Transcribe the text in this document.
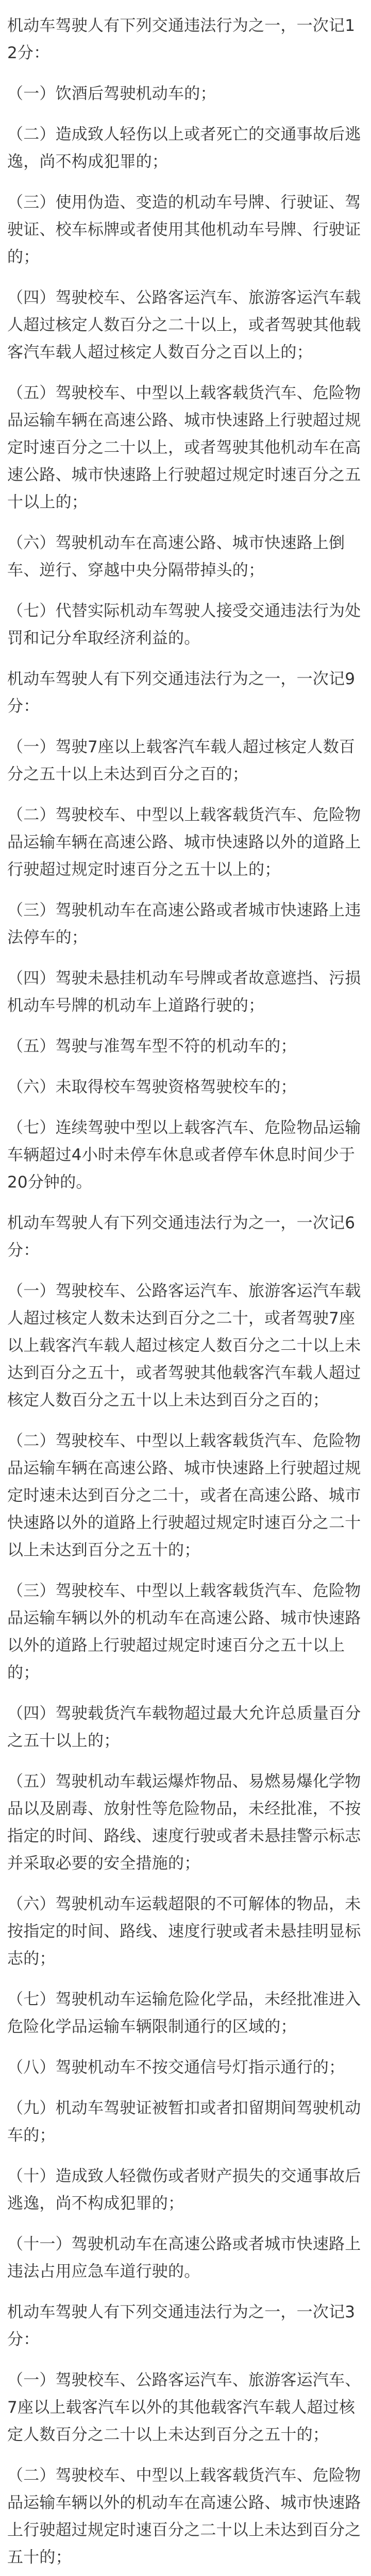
机动车驾驶人有下列交通违法行为之一，一次记12分：

（一）饮酒后驾驶机动车的；

（二）造成致人轻伤以上或者死亡的交通事故后逃逸，尚不构成犯罪的；

（三）使用伪造、变造的机动车号牌、行驶证、驾驶证、校车标牌或者使用其他机动车号牌、行驶证的；

（四）驾驶校车、公路客运汽车、旅游客运汽车载人超过核定人数百分之二十以上，或者驾驶其他载客汽车载人超过核定人数百分之百以上的；

（五）驾驶校车、中型以上载客载货汽车、危险物品运输车辆在高速公路、城市快速路上行驶超过规定时速百分之二十以上，或者驾驶其他机动车在高速公路、城市快速路上行驶超过规定时速百分之五十以上的；

（六）驾驶机动车在高速公路、城市快速路上倒车、逆行、穿越中央分隔带掉头的；

（七）代替实际机动车驾驶人接受交通违法行为处罚和记分牟取经济利益的。

机动车驾驶人有下列交通违法行为之一，一次记9分：

（一）驾驶7座以上载客汽车载人超过核定人数百分之五十以上未达到百分之百的；

（二）驾驶校车、中型以上载客载货汽车、危险物品运输车辆在高速公路、城市快速路以外的道路上行驶超过规定时速百分之五十以上的；

（三）驾驶机动车在高速公路或者城市快速路上违法停车的；

（四）驾驶未悬挂机动车号牌或者故意遮挡、污损机动车号牌的机动车上道路行驶的；

（五）驾驶与准驾车型不符的机动车的；

（六）未取得校车驾驶资格驾驶校车的；

（七）连续驾驶中型以上载客汽车、危险物品运输车辆超过4小时未停车休息或者停车休息时间少于20分钟的。

机动车驾驶人有下列交通违法行为之一，一次记6分：

（一）驾驶校车、公路客运汽车、旅游客运汽车载人超过核定人数未达到百分之二十，或者驾驶7座以上载客汽车载人超过核定人数百分之二十以上未达到百分之五十，或者驾驶其他载客汽车载人超过核定人数百分之五十以上未达到百分之百的；

（二）驾驶校车、中型以上载客载货汽车、危险物品运输车辆在高速公路、城市快速路上行驶超过规定时速未达到百分之二十，或者在高速公路、城市快速路以外的道路上行驶超过规定时速百分之二十以上未达到百分之五十的；

（三）驾驶校车、中型以上载客载货汽车、危险物品运输车辆以外的机动车在高速公路、城市快速路以外的道路上行驶超过规定时速百分之五十以上的；

（四）驾驶载货汽车载物超过最大允许总质量百分之五十以上的；

（五）驾驶机动车载运爆炸物品、易燃易爆化学物品以及剧毒、放射性等危险物品，未经批准，不按指定的时间、路线、速度行驶或者未悬挂警示标志并采取必要的安全措施的；

（六）驾驶机动车运载超限的不可解体的物品，未按指定的时间、路线、速度行驶或者未悬挂明显标志的；

（七）驾驶机动车运输危险化学品，未经批准进入危险化学品运输车辆限制通行的区域的；

（八）驾驶机动车不按交通信号灯指示通行的；

（九）机动车驾驶证被暂扣或者扣留期间驾驶机动车的；

（十）造成致人轻微伤或者财产损失的交通事故后逃逸，尚不构成犯罪的；

（十一）驾驶机动车在高速公路或者城市快速路上违法占用应急车道行驶的。

机动车驾驶人有下列交通违法行为之一，一次记3分：

（一）驾驶校车、公路客运汽车、旅游客运汽车、7座以上载客汽车以外的其他载客汽车载人超过核定人数百分之二十以上未达到百分之五十的；

（二）驾驶校车、中型以上载客载货汽车、危险物品运输车辆以外的机动车在高速公路、城市快速路上行驶超过规定时速百分之二十以上未达到百分之五十的；
